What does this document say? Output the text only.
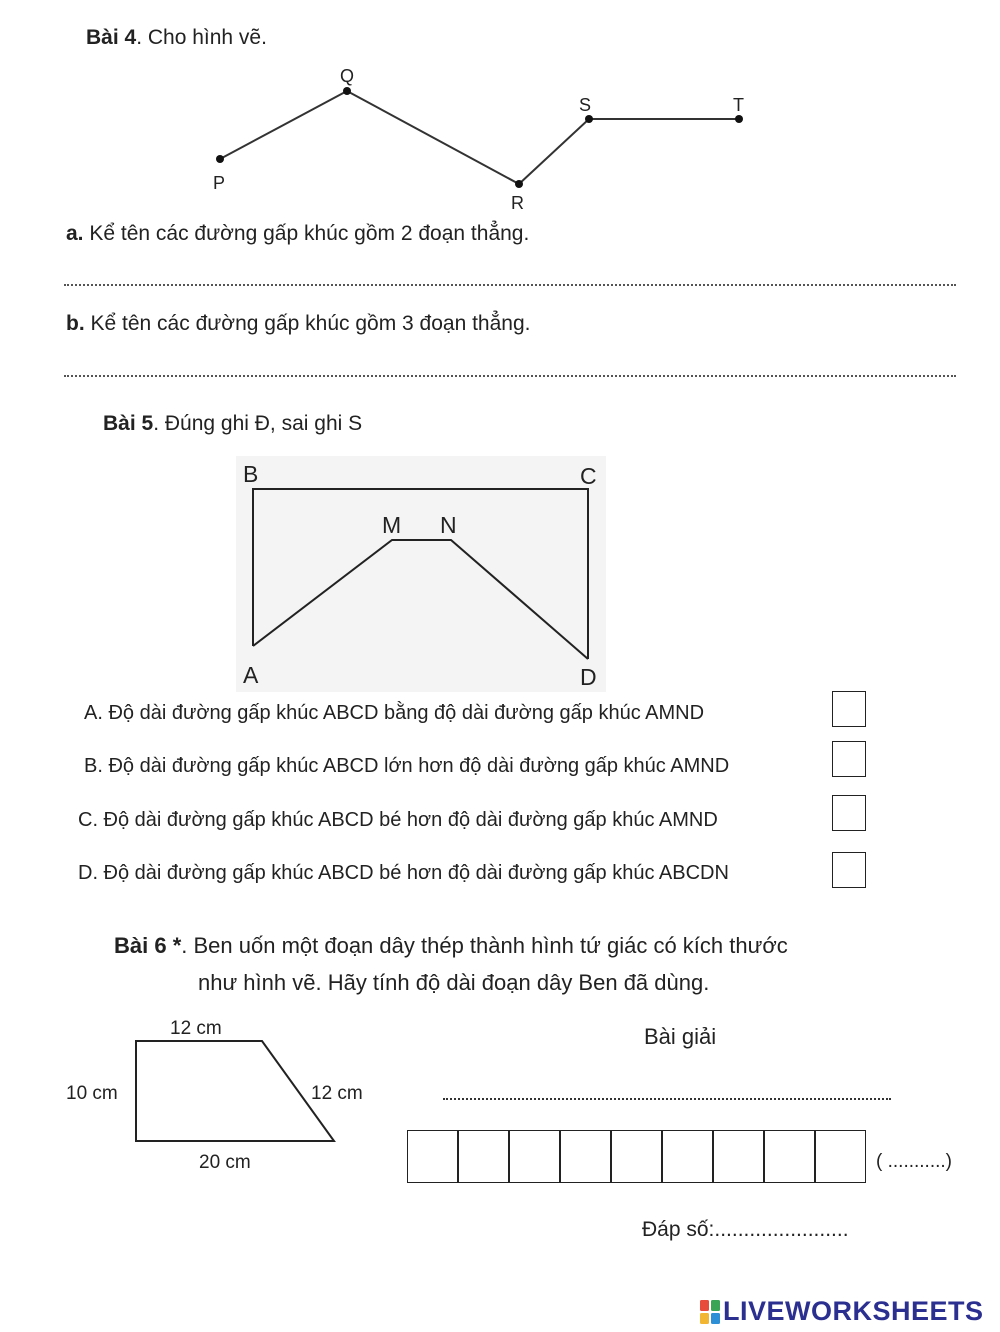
Bài 4. Cho hình vẽ.
P
Q
R
S	T
a. Kể tên các đường gấp khúc gồm 2 đoạn thẳng.
b. Kể tên các đường gấp khúc gồm 3 đoạn thẳng.
Bài 5. Đúng ghi Đ, sai ghi S
B	C
M N
A	D
A. Độ dài đường gấp khúc ABCD bằng độ dài đường gấp khúc AMND
B. Độ dài đường gấp khúc ABCD lớn hơn độ dài đường gấp khúc AMND
C. Độ dài đường gấp khúc ABCD bé hơn độ dài đường gấp khúc AMND
D. Độ dài đường gấp khúc ABCD bé hơn độ dài đường gấp khúc ABCDN
Bài 6 *. Ben uốn một đoạn dây thép thành hình tứ giác có kích thước
như hình vẽ. Hãy tính độ dài đoạn dây Ben đã dùng.
12 cm
10 cm	12 cm
20 cm
Bài giải
( ...........)
Đáp số:.......................
LIVEWORKSHEETS
